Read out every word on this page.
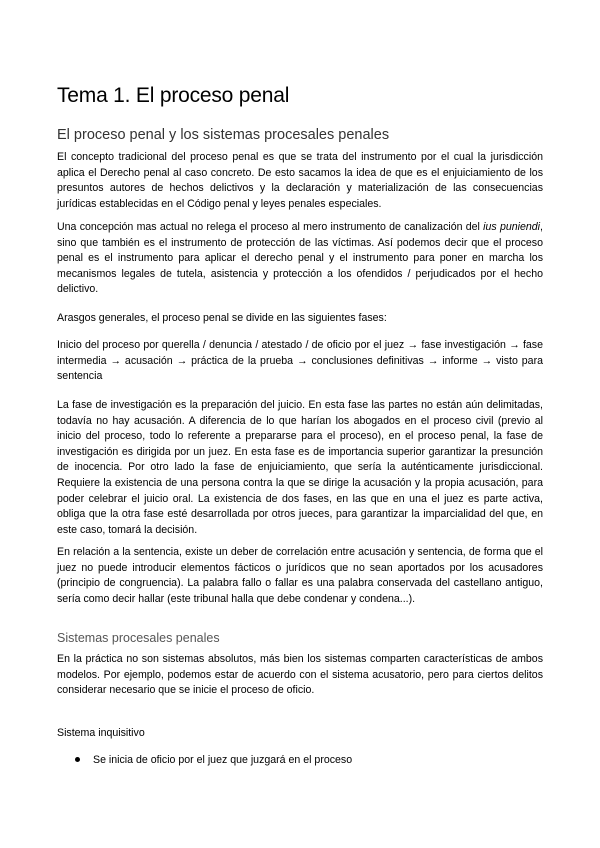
Tema 1. El proceso penal
El proceso penal y los sistemas procesales penales

El concepto tradicional del proceso penal es que se trata del instrumento por el cual la jurisdicción aplica el Derecho penal al caso concreto. De esto sacamos la idea de que es el enjuiciamiento de los presuntos autores de hechos delictivos y la declaración y materialización de las consecuencias jurídicas establecidas en el Código penal y leyes penales especiales.

Una concepción mas actual no relega el proceso al mero instrumento de canalización del ius puniendi, sino que también es el instrumento de protección de las víctimas. Así podemos decir que el proceso penal es el instrumento para aplicar el derecho penal y el instrumento para poner en marcha los mecanismos legales de tutela, asistencia y protección a los ofendidos / perjudicados por el hecho delictivo.

Arasgos generales, el proceso penal se divide en las siguientes fases:

Inicio del proceso por querella / denuncia / atestado / de oficio por el juez → fase investigación → fase intermedia → acusación → práctica de la prueba → conclusiones definitivas → informe → visto para sentencia

La fase de investigación es la preparación del juicio. En esta fase las partes no están aún delimitadas, todavía no hay acusación. A diferencia de lo que harían los abogados en el proceso civil (previo al inicio del proceso, todo lo referente a prepararse para el proceso), en el proceso penal, la fase de investigación es dirigida por un juez. En esta fase es de importancia superior garantizar la presunción de inocencia. Por otro lado la fase de enjuiciamiento, que sería la auténticamente jurisdiccional. Requiere la existencia de una persona contra la que se dirige la acusación y la propia acusación, para poder celebrar el juicio oral. La existencia de dos fases, en las que en una el juez es parte activa, obliga que la otra fase esté desarrollada por otros jueces, para garantizar la imparcialidad del que, en este caso, tomará la decisión.

En relación a la sentencia, existe un deber de correlación entre acusación y sentencia, de forma que el juez no puede introducir elementos fácticos o jurídicos que no sean aportados por los acusadores (principio de congruencia). La palabra fallo o fallar es una palabra conservada del castellano antiguo, sería como decir hallar (este tribunal halla que debe condenar y condena...).

Sistemas procesales penales

En la práctica no son sistemas absolutos, más bien los sistemas comparten características de ambos modelos. Por ejemplo, podemos estar de acuerdo con el sistema acusatorio, pero para ciertos delitos considerar necesario que se inicie el proceso de oficio.

Sistema inquisitivo

Se inicia de oficio por el juez que juzgará en el proceso
